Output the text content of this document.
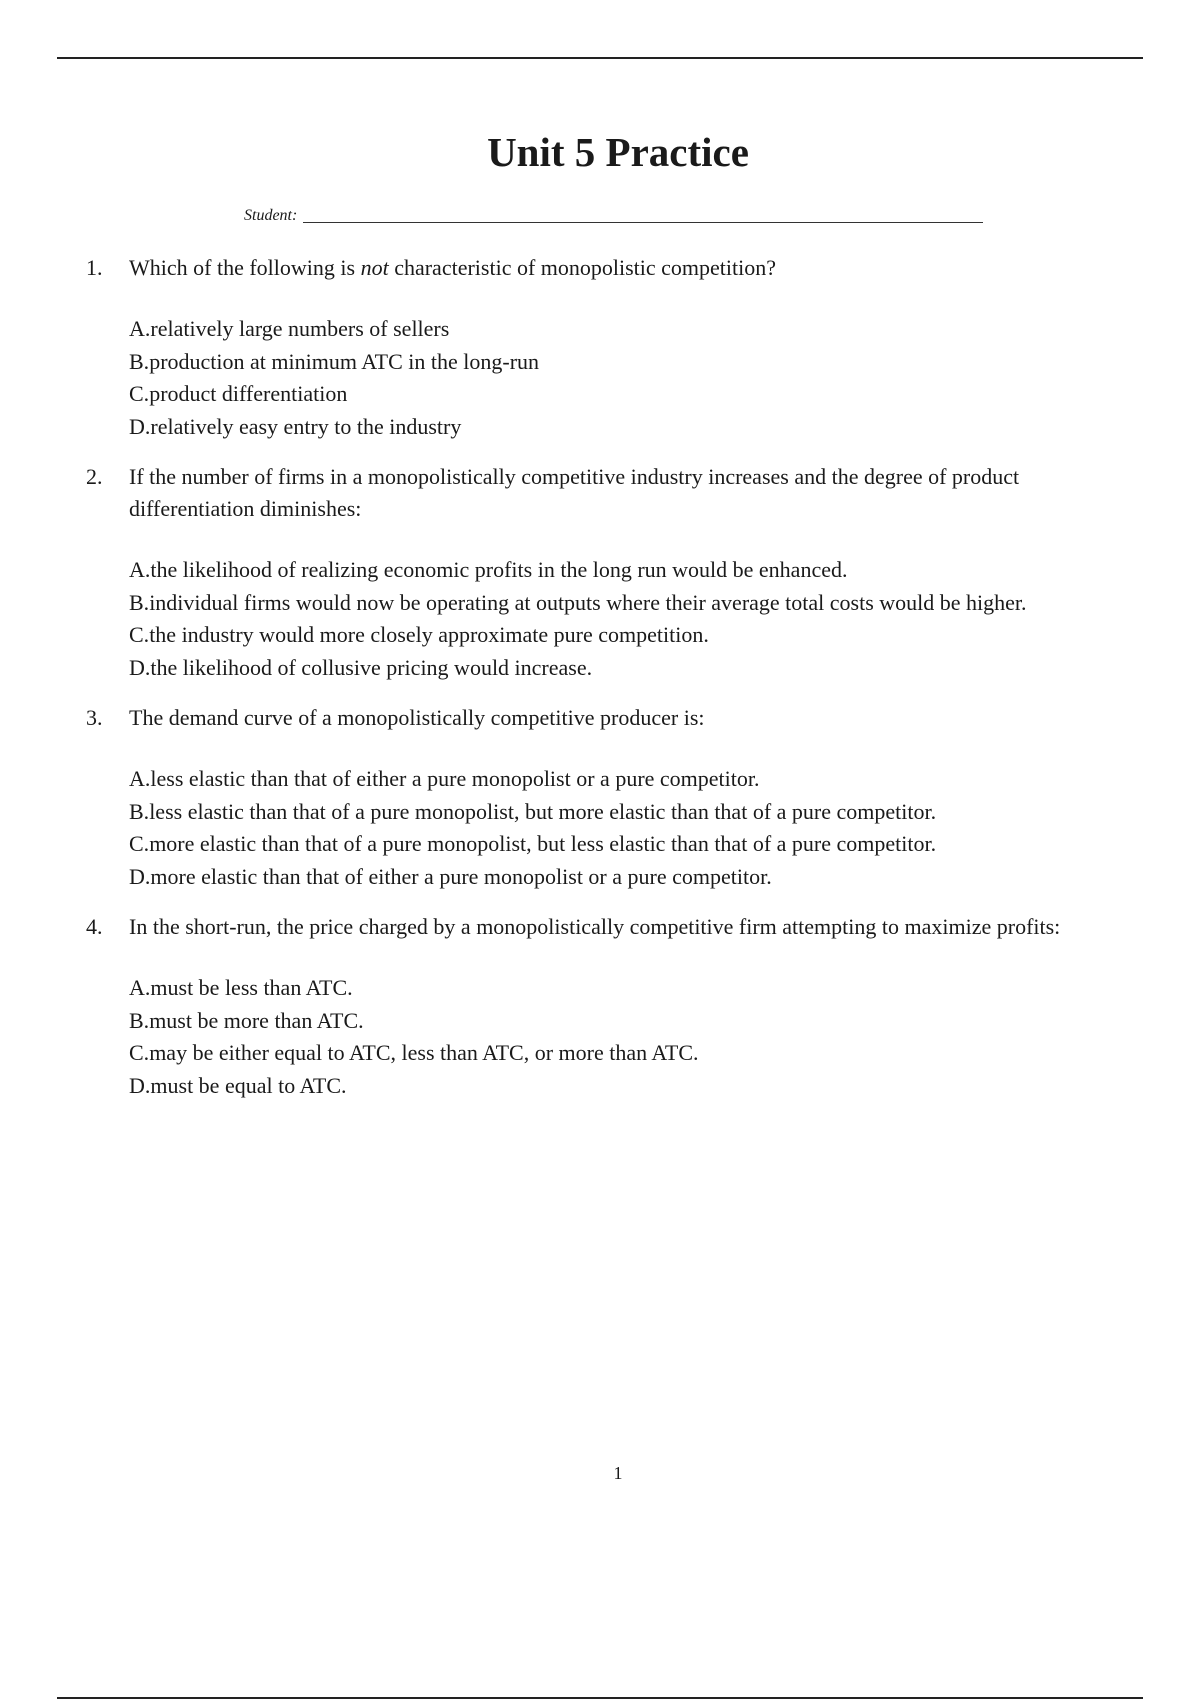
Unit 5 Practice
Student:
1. Which of the following is not characteristic of monopolistic competition?

A.relatively large numbers of sellers
B.production at minimum ATC in the long-run
C.product differentiation
D.relatively easy entry to the industry
2. If the number of firms in a monopolistically competitive industry increases and the degree of product differentiation diminishes:

A.the likelihood of realizing economic profits in the long run would be enhanced.
B.individual firms would now be operating at outputs where their average total costs would be higher.
C.the industry would more closely approximate pure competition.
D.the likelihood of collusive pricing would increase.
3. The demand curve of a monopolistically competitive producer is:

A.less elastic than that of either a pure monopolist or a pure competitor.
B.less elastic than that of a pure monopolist, but more elastic than that of a pure competitor.
C.more elastic than that of a pure monopolist, but less elastic than that of a pure competitor.
D.more elastic than that of either a pure monopolist or a pure competitor.
4. In the short-run, the price charged by a monopolistically competitive firm attempting to maximize profits:

A.must be less than ATC.
B.must be more than ATC.
C.may be either equal to ATC, less than ATC, or more than ATC.
D.must be equal to ATC.
1
